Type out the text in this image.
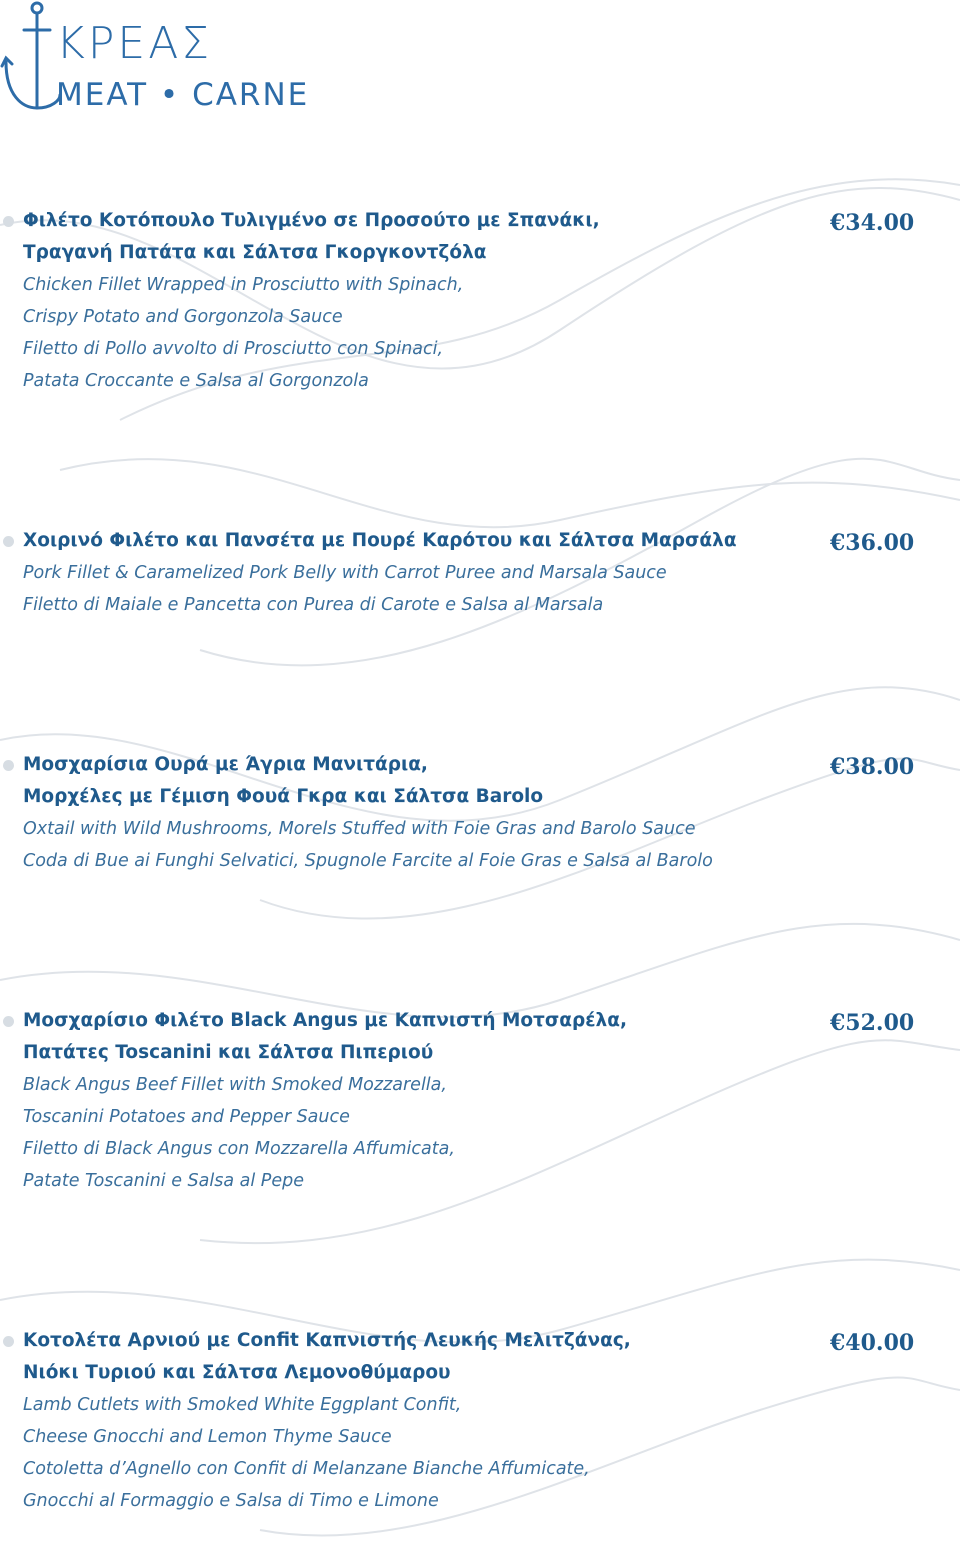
ΚΡΕΑΣ
MEAT • CARNE
Φιλέτο Κοτόπουλο Τυλιγμένο σε Προσούτο με Σπανάκι,
Τραγανή Πατάτα και Σάλτσα Γκοργκοντζόλα
Chicken Fillet Wrapped in Prosciutto with Spinach,
Crispy Potato and Gorgonzola Sauce
Filetto di Pollo avvolto di Prosciutto con Spinaci,
Patata Croccante e Salsa al Gorgonzola
€34.00
Χοιρινό Φιλέτο και Πανσέτα με Πουρέ Καρότου και Σάλτσα Μαρσάλα
Pork Fillet & Caramelized Pork Belly with Carrot Puree and Marsala Sauce
Filetto di Maiale e Pancetta con Purea di Carote e Salsa al Marsala
€36.00
Μοσχαρίσια Ουρά με Άγρια Μανιτάρια,
Μορχέλες με Γέμιση Φουά Γκρα και Σάλτσα Barolo
Oxtail with Wild Mushrooms, Morels Stuffed with Foie Gras and Barolo Sauce
Coda di Bue ai Funghi Selvatici, Spugnole Farcite al Foie Gras e Salsa al Barolo
€38.00
Μοσχαρίσιο Φιλέτο Black Angus με Καπνιστή Μοτσαρέλα,
Πατάτες Toscanini και Σάλτσα Πιπεριού
Black Angus Beef Fillet with Smoked Mozzarella,
Toscanini Potatoes and Pepper Sauce
Filetto di Black Angus con Mozzarella Affumicata,
Patate Toscanini e Salsa al Pepe
€52.00
Κοτολέτα Αρνιού με Confit Καπνιστής Λευκής Μελιτζάνας,
Νιόκι Τυριού και Σάλτσα Λεμονοθύμαρου
Lamb Cutlets with Smoked White Eggplant Confit,
Cheese Gnocchi and Lemon Thyme Sauce
Cotoletta d’Agnello con Confit di Melanzane Bianche Affumicate,
Gnocchi al Formaggio e Salsa di Timo e Limone
€40.00
